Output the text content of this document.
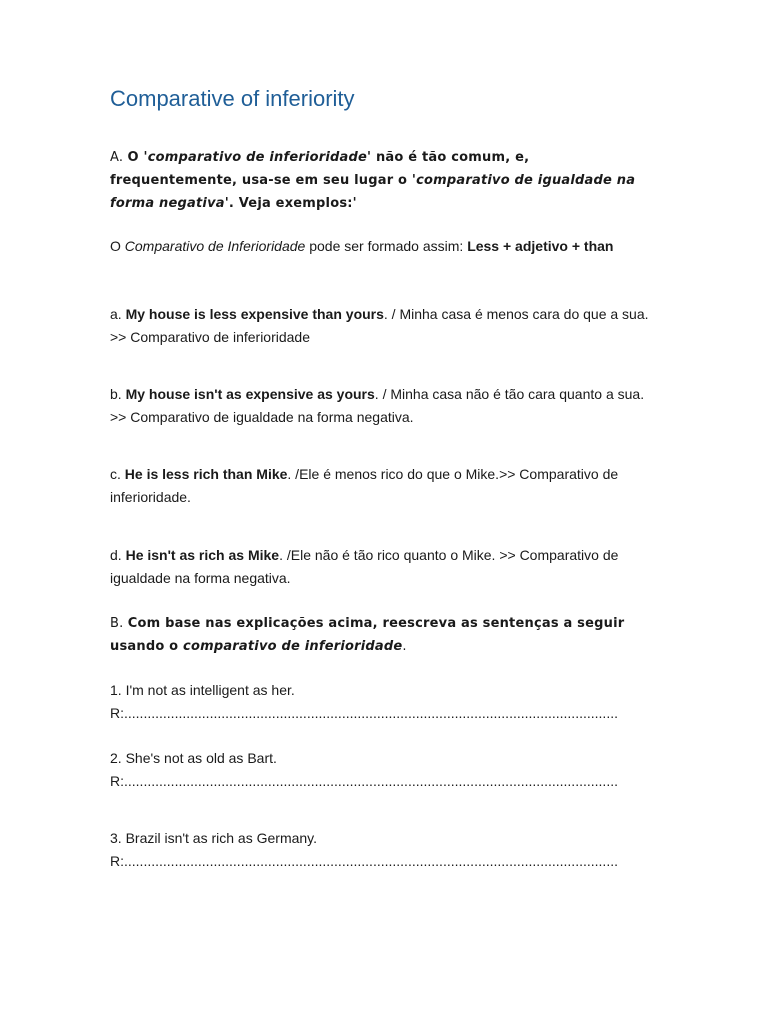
Comparative of inferiority

A. O 'comparativo de inferioridade' não é tão comum, e, frequentemente, usa-se em seu lugar o 'comparativo de igualdade na forma negativa'. Veja exemplos:'

O Comparativo de Inferioridade pode ser formado assim: Less + adjetivo + than

a. My house is less expensive than yours. / Minha casa é menos cara do que a sua. >> Comparativo de inferioridade

b. My house isn't as expensive as yours. / Minha casa não é tão cara quanto a sua. >> Comparativo de igualdade na forma negativa.

c. He is less rich than Mike. /Ele é menos rico do que o Mike.>> Comparativo de inferioridade.

d. He isn't as rich as Mike. /Ele não é tão rico quanto o Mike. >> Comparativo de igualdade na forma negativa.

B. Com base nas explicações acima, reescreva as sentenças a seguir usando o comparativo de inferioridade.

1. I'm not as intelligent as her.
R:...............................................................................................................................

2. She's not as old as Bart.
R:...............................................................................................................................

3. Brazil isn't as rich as Germany.
R:...............................................................................................................................
